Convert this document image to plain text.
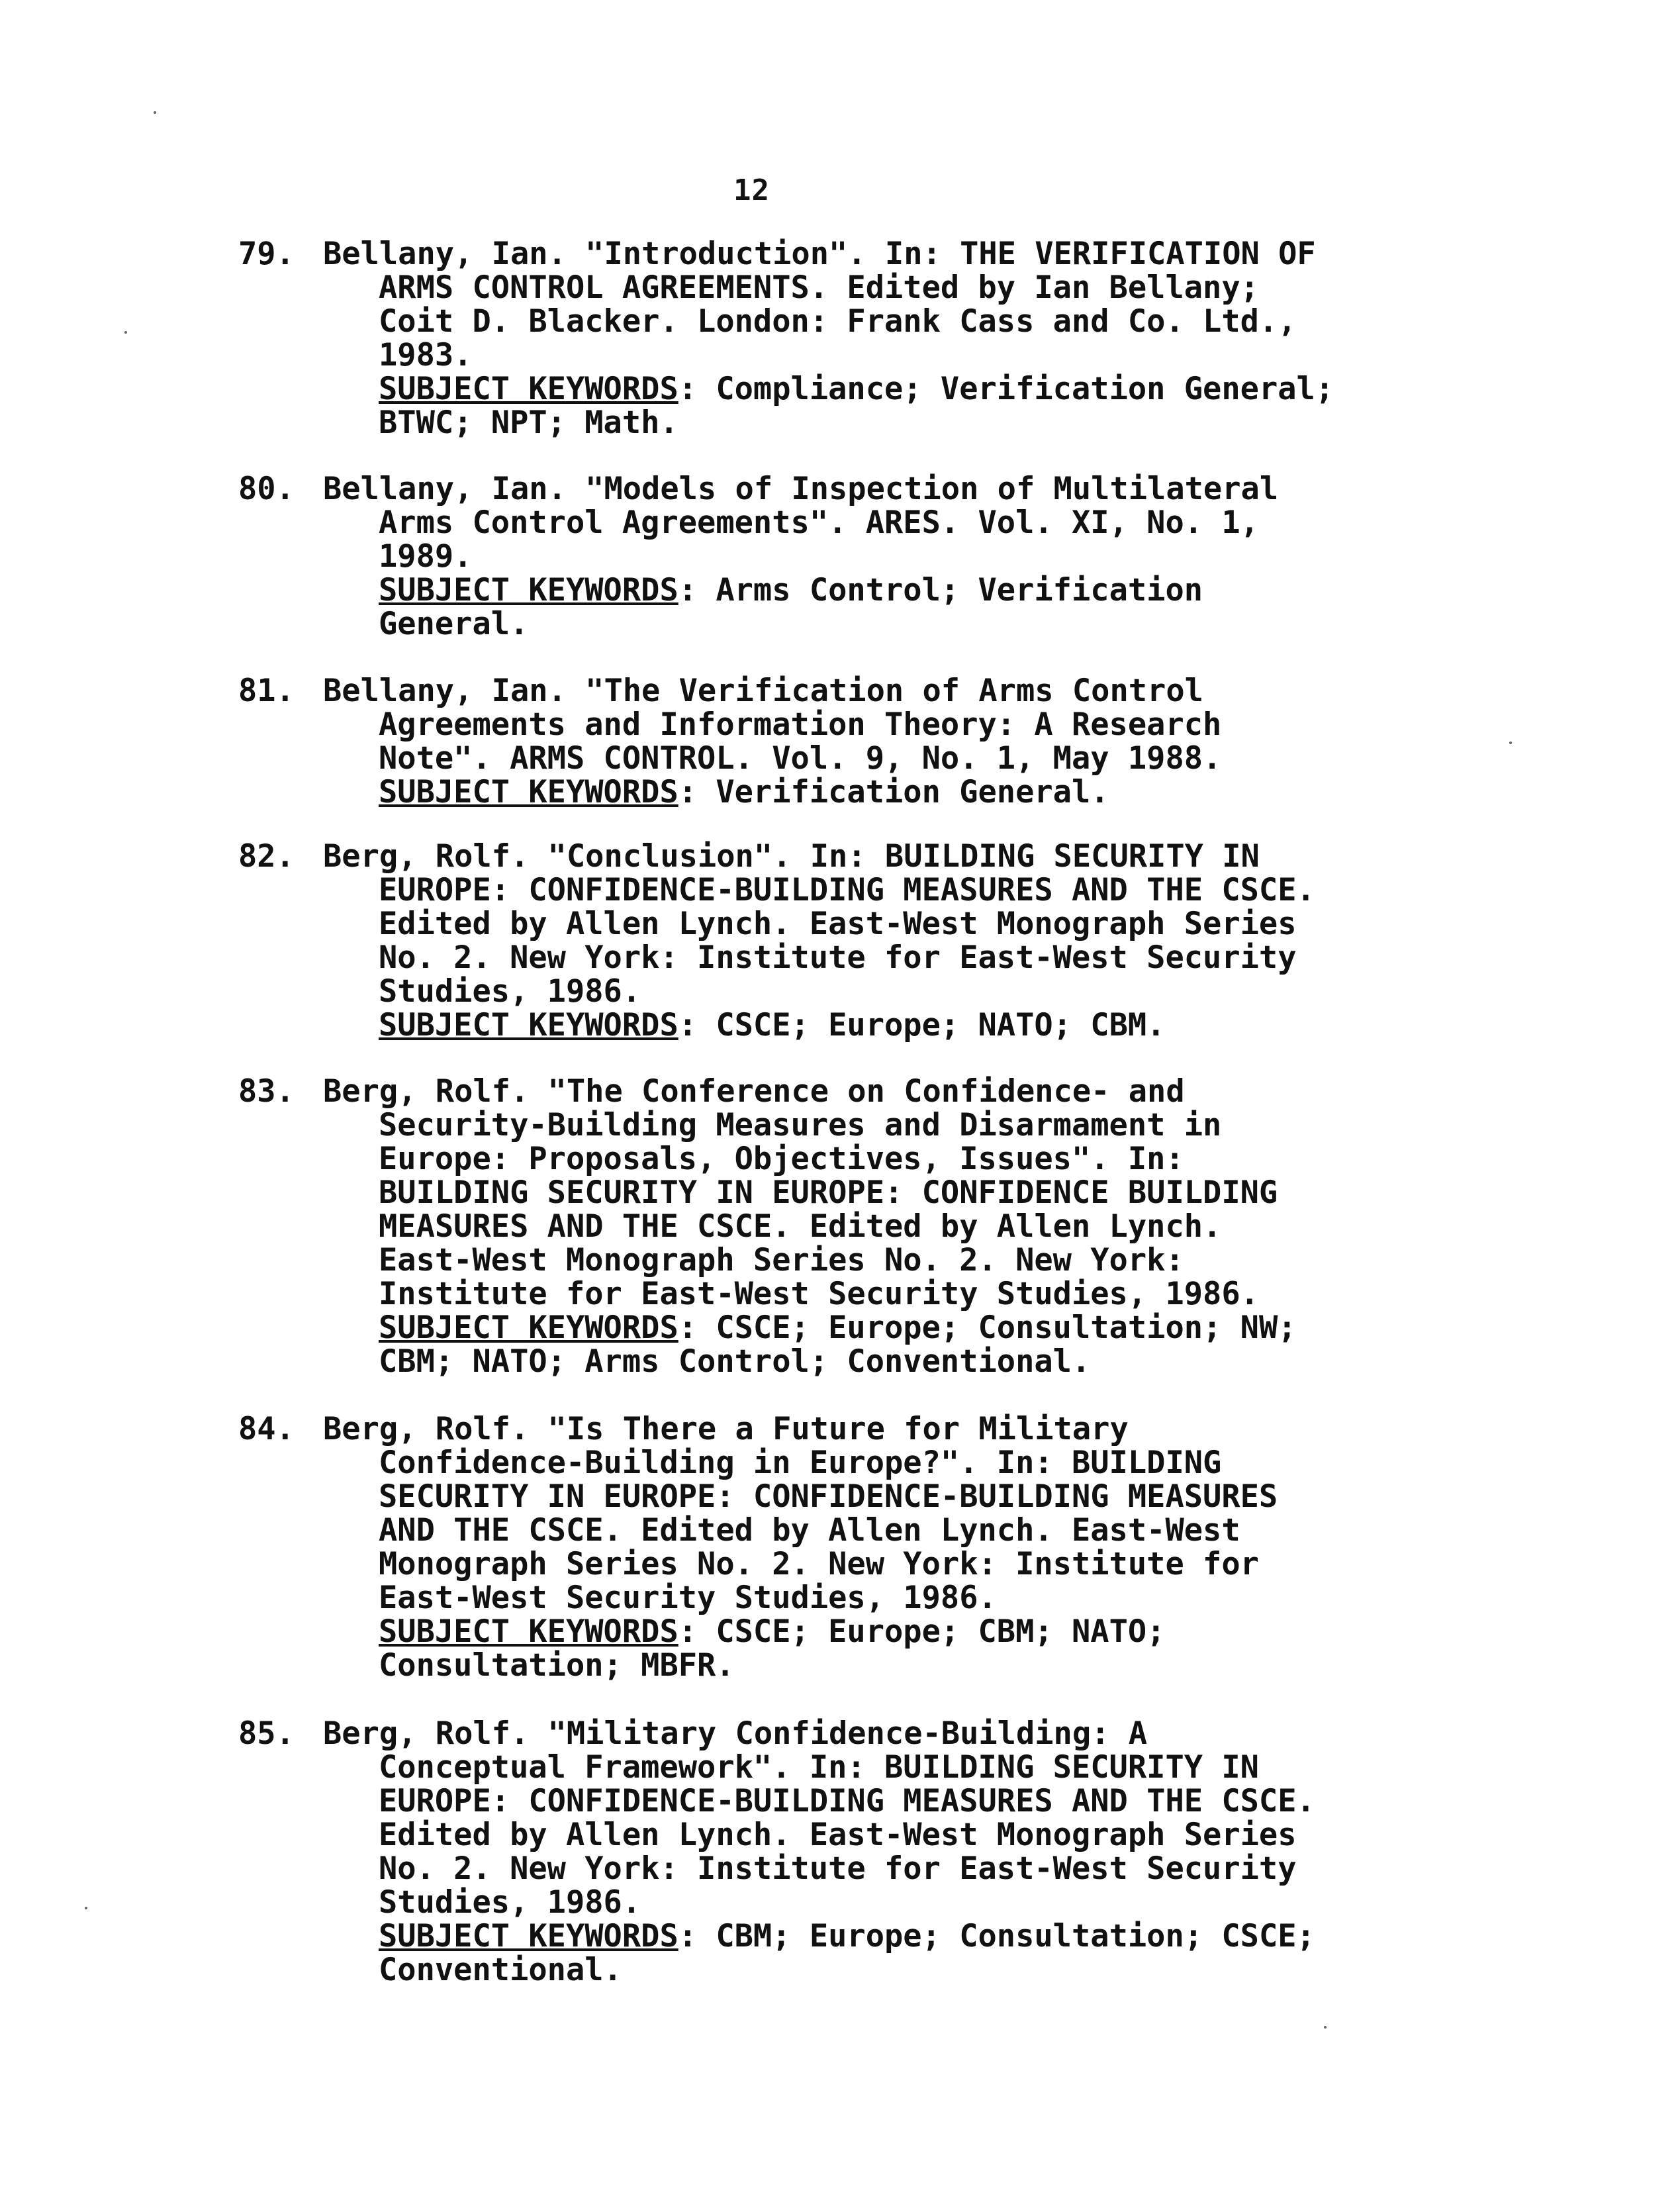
12
79. Bellany, Ian. "Introduction". In: THE VERIFICATION OF
ARMS CONTROL AGREEMENTS. Edited by Ian Bellany;
Coit D. Blacker. London: Frank Cass and Co. Ltd.,
1983.
SUBJECT KEYWORDS: Compliance; Verification General;
BTWC; NPT; Math.
80. Bellany, Ian. "Models of Inspection of Multilateral
Arms Control Agreements". ARES. Vol. XI, No. 1,
1989.
SUBJECT KEYWORDS: Arms Control; Verification
General.
81. Bellany, Ian. "The Verification of Arms Control
Agreements and Information Theory: A Research
Note". ARMS CONTROL. Vol. 9, No. 1, May 1988.
SUBJECT KEYWORDS: Verification General.
82. Berg, Rolf. "Conclusion". In: BUILDING SECURITY IN
EUROPE: CONFIDENCE-BUILDING MEASURES AND THE CSCE.
Edited by Allen Lynch. East-West Monograph Series
No. 2. New York: Institute for East-West Security
Studies, 1986.
SUBJECT KEYWORDS: CSCE; Europe; NATO; CBM.
83. Berg, Rolf. "The Conference on Confidence- and
Security-Building Measures and Disarmament in
Europe: Proposals, Objectives, Issues". In:
BUILDING SECURITY IN EUROPE: CONFIDENCE BUILDING
MEASURES AND THE CSCE. Edited by Allen Lynch.
East-West Monograph Series No. 2. New York:
Institute for East-West Security Studies, 1986.
SUBJECT KEYWORDS: CSCE; Europe; Consultation; NW;
CBM; NATO; Arms Control; Conventional.
84. Berg, Rolf. "Is There a Future for Military
Confidence-Building in Europe?". In: BUILDING
SECURITY IN EUROPE: CONFIDENCE-BUILDING MEASURES
AND THE CSCE. Edited by Allen Lynch. East-West
Monograph Series No. 2. New York: Institute for
East-West Security Studies, 1986.
SUBJECT KEYWORDS: CSCE; Europe; CBM; NATO;
Consultation; MBFR.
85. Berg, Rolf. "Military Confidence-Building: A
Conceptual Framework". In: BUILDING SECURITY IN
EUROPE: CONFIDENCE-BUILDING MEASURES AND THE CSCE.
Edited by Allen Lynch. East-West Monograph Series
No. 2. New York: Institute for East-West Security
Studies, 1986.
SUBJECT KEYWORDS: CBM; Europe; Consultation; CSCE;
Conventional.
